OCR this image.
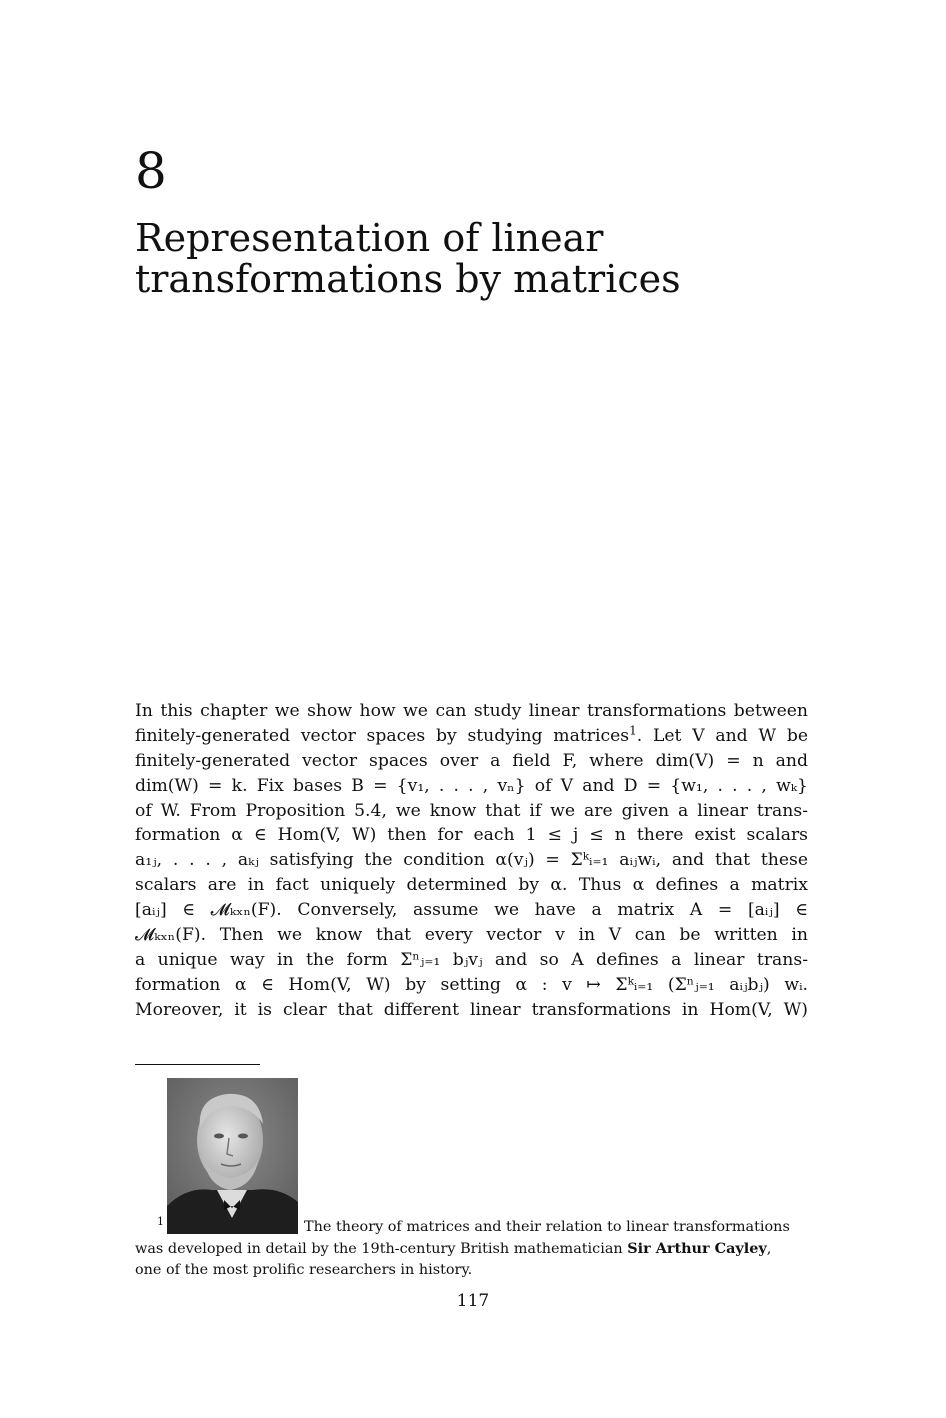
8
Representation of linear
transformations by matrices
In this chapter we show how we can study linear transformations between
finitely-generated vector spaces by studying matrices$^1$. Let V and W be
finitely-generated vector spaces over a field F, where dim(V) = n and
dim(W) = k. Fix bases B = {v₁, . . . , vₙ} of V and D = {w₁, . . . , wₖ}
of W. From Proposition 5.4, we know that if we are given a linear trans-
formation α ∈ Hom(V, W) then for each 1 ≤ j ≤ n there exist scalars
a₁ⱼ, . . . , aₖⱼ satisfying the condition α(vⱼ) = Σᵏᵢ₌₁ aᵢⱼwᵢ, and that these
scalars are in fact uniquely determined by α. Thus α defines a matrix
[aᵢⱼ] ∈ 𝓜ₖₓₙ(F). Conversely, assume we have a matrix A = [aᵢⱼ] ∈
𝓜ₖₓₙ(F). Then we know that every vector v in V can be written in
a unique way in the form Σⁿⱼ₌₁ bⱼvⱼ and so A defines a linear trans-
formation α ∈ Hom(V, W) by setting α : v ↦ Σᵏᵢ₌₁ (Σⁿⱼ₌₁ aᵢⱼbⱼ) wᵢ.
Moreover, it is clear that different linear transformations in Hom(V, W)
1	The theory of matrices and their relation to linear transformations
was developed in detail by the 19th-century British mathematician Sir Arthur Cayley,
one of the most prolific researchers in history.
117
